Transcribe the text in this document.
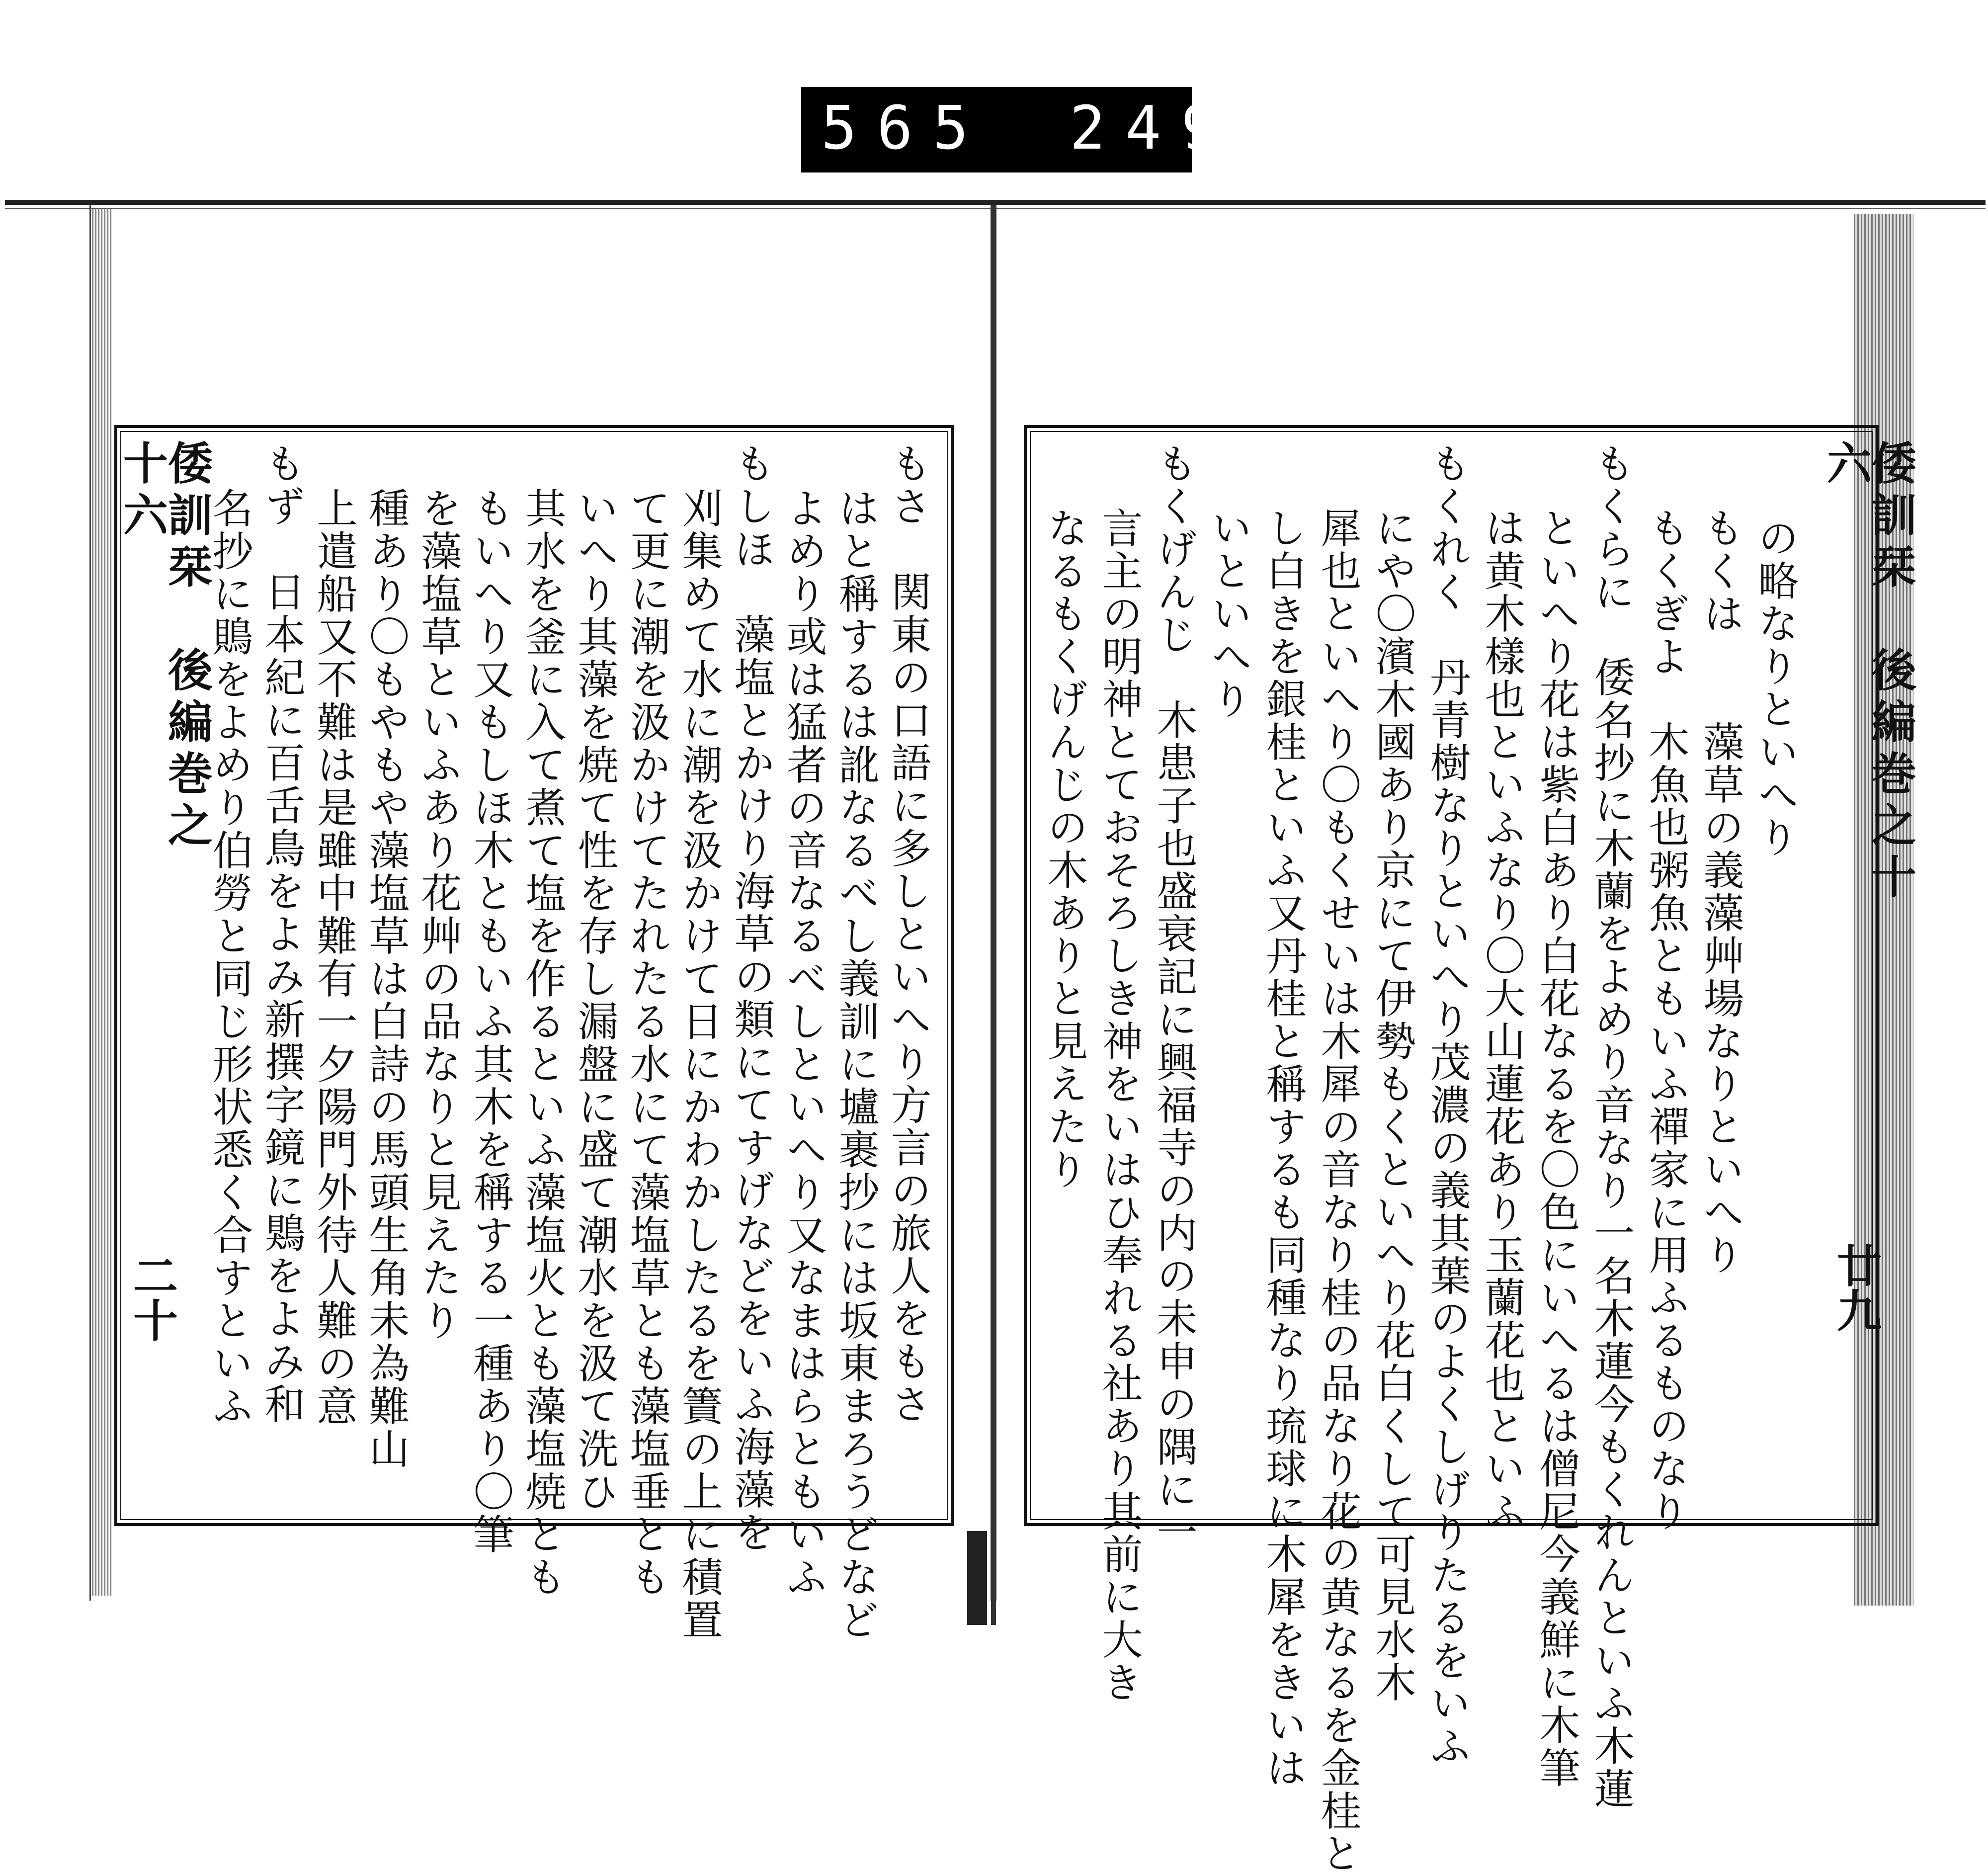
565 249.
倭訓栞　後編巻之十六
二十	もさ　関東の口語に多しといへり方言の旅人をもさ
はと稱するは訛なるべし義訓に壚裹抄には坂東まろうどなど
よめり或は猛者の音なるべしといへり又なまはらともいふ
もしほ　藻塩とかけり海草の類にてすげなどをいふ海藻を
刈集めて水に潮を汲かけて日にかわかしたるを簀の上に積置
て更に潮を汲かけてたれたる水にて藻塩草とも藻塩垂とも
いへり其藻を焼て性を存し漏盤に盛て潮水を汲て洗ひ
其水を釜に入て煮て塩を作るといふ藻塩火とも藻塩焼とも
もいへり又もしほ木ともいふ其木を稱する一種あり〇筆
を藻塩草といふあり花艸の品なりと見えたり
種あり〇もやもや藻塩草は白詩の馬頭生角未為難山
上遣船又不難は是雖中難有一夕陽門外待人難の意
もず　日本紀に百舌鳥をよみ新撰字鏡に鶪をよみ和
名抄に鵙をよめり伯勞と同じ形状悉く合すといふ	倭訓栞　後編巻之十六
廿九
の略なりといへり
もくは　　藻草の義藻艸場なりといへり
もくぎよ　木魚也粥魚ともいふ禪家に用ふるものなり
もくらに　倭名抄に木蘭をよめり音なり一名木蓮今もくれんといふ木蓮
といへり花は紫白あり白花なるを〇色にいへるは僧尼今義鮮に木筆
は黄木樣也といふなり〇大山蓮花あり玉蘭花也といふ
もくれく　丹青樹なりといへり茂濃の義其葉のよくしげりたるをいふ
にや〇濱木國あり京にて伊勢もくといへり花白くして可見水木
犀也といへり〇もくせいは木犀の音なり桂の品なり花の黄なるを金桂と
し白きを銀桂といふ又丹桂と稱するも同種なり琉球に木犀をきいは
いといへり
もくげんじ　木患子也盛衰記に興福寺の内の未申の隅に一
言主の明神とておそろしき神をいはひ奉れる社あり其前に大き
なるもくげんじの木ありと見えたり
